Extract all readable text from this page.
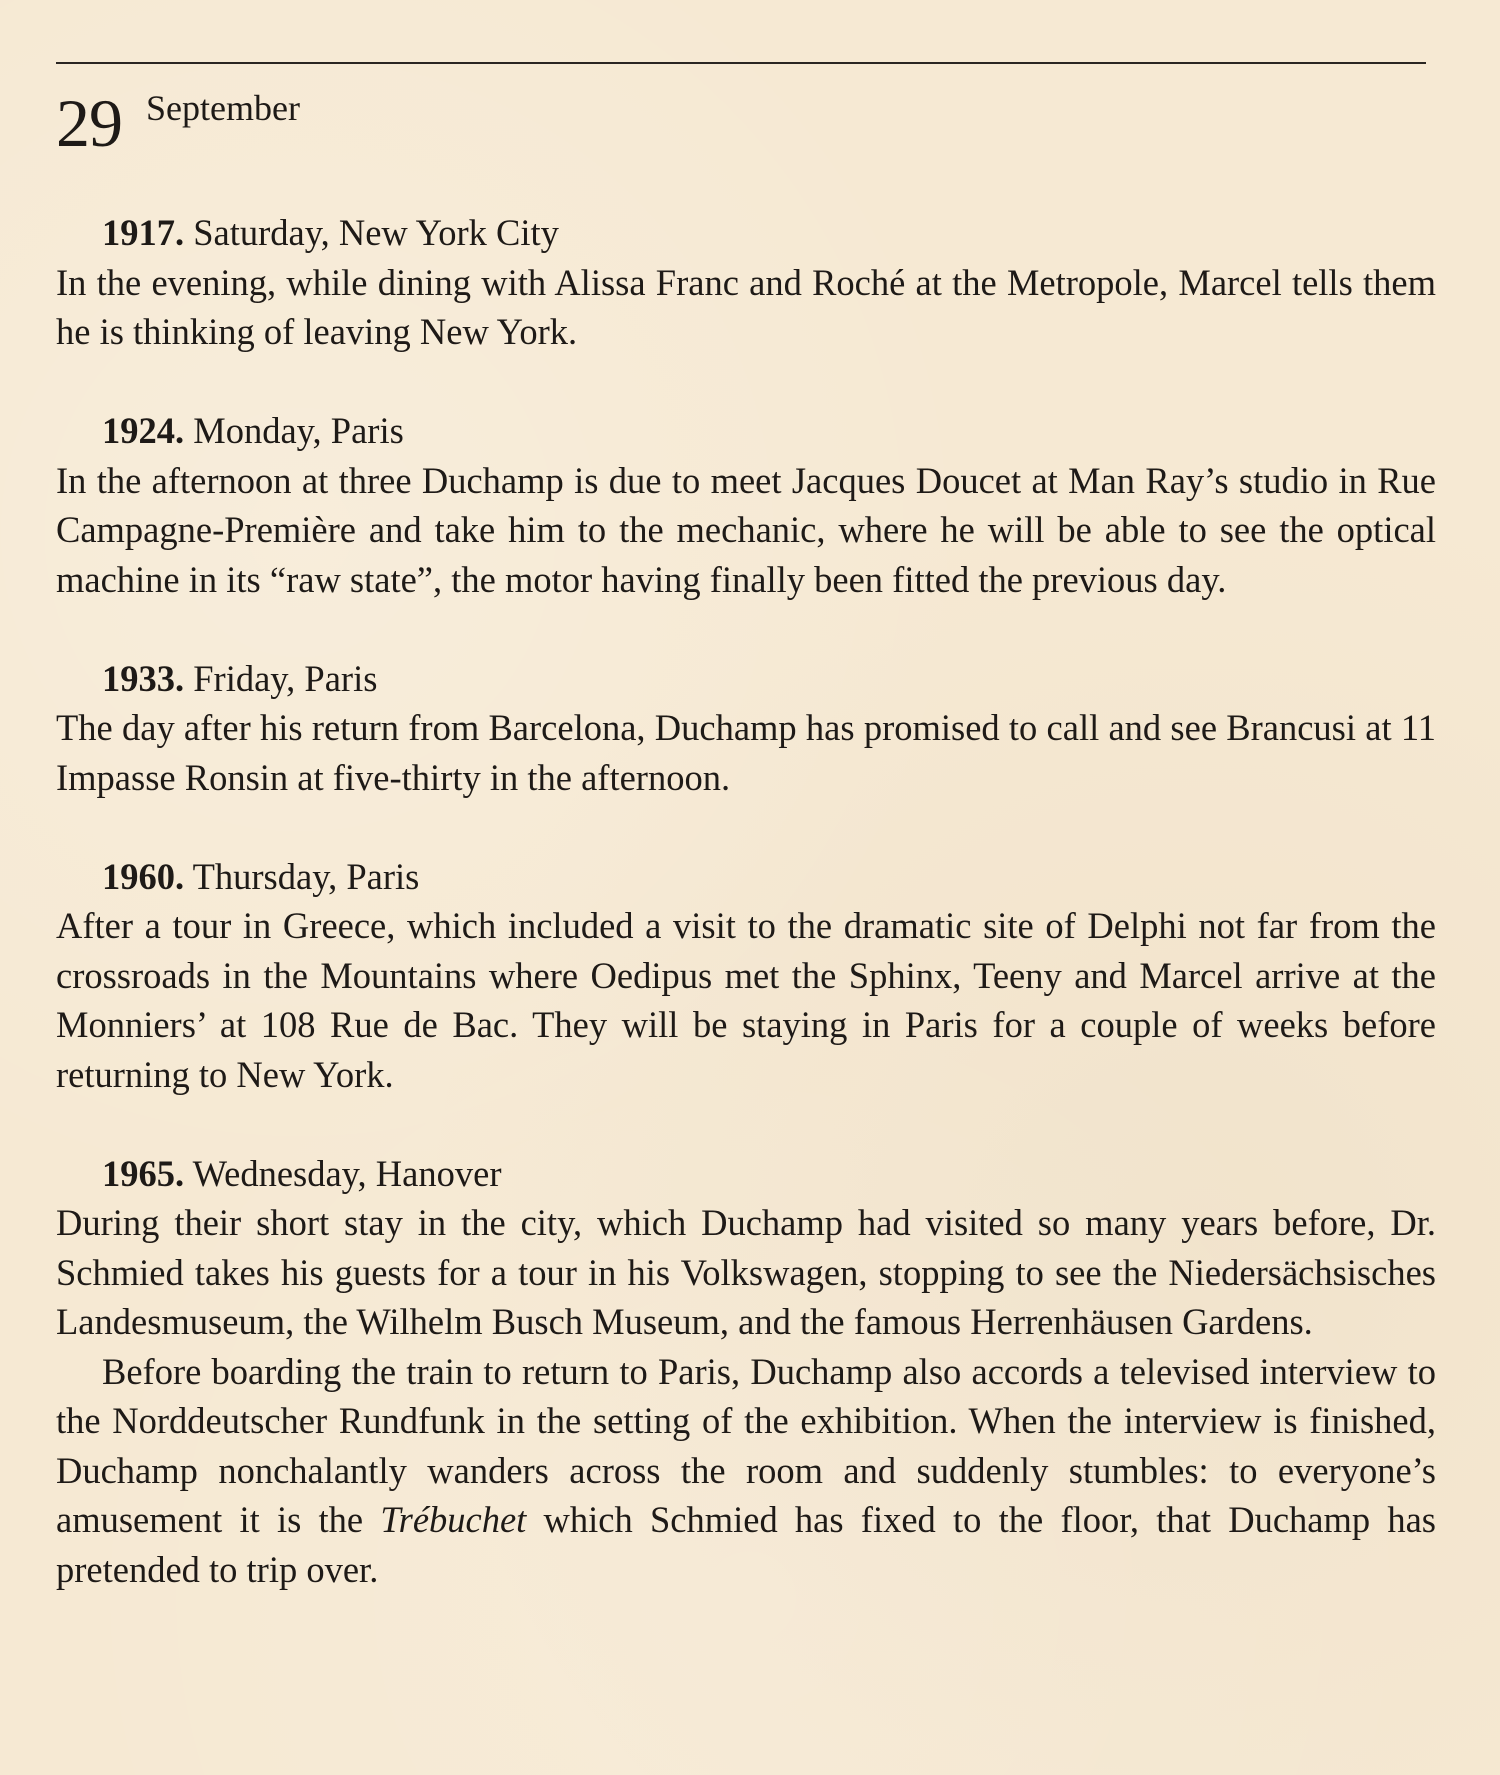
29 September
1917. Saturday, New York City

In the evening, while dining with Alissa Franc and Roché at the Metropole, Marcel tells them he is thinking of leaving New York.

1924. Monday, Paris

In the afternoon at three Duchamp is due to meet Jacques Doucet at Man Ray’s studio in Rue Campagne-Première and take him to the mechanic, where he will be able to see the optical machine in its “raw state”, the motor having finally been fitted the previous day.

1933. Friday, Paris

The day after his return from Barcelona, Duchamp has promised to call and see Brancusi at 11 Impasse Ronsin at five-thirty in the afternoon.

1960. Thursday, Paris

After a tour in Greece, which included a visit to the dramatic site of Delphi not far from the crossroads in the Mountains where Oedipus met the Sphinx, Teeny and Marcel arrive at the Monniers’ at 108 Rue de Bac. They will be staying in Paris for a couple of weeks before returning to New York.

1965. Wednesday, Hanover

During their short stay in the city, which Duchamp had visited so many years before, Dr. Schmied takes his guests for a tour in his Volkswagen, stopping to see the Niedersächsisches Landesmuseum, the Wilhelm Busch Museum, and the famous Herrenhäusen Gardens.

Before boarding the train to return to Paris, Duchamp also accords a televised interview to the Norddeutscher Rundfunk in the setting of the exhibition. When the interview is finished, Duchamp nonchalantly wanders across the room and suddenly stumbles: to everyone’s amusement it is the Trébuchet which Schmied has fixed to the floor, that Duchamp has pretended to trip over.
